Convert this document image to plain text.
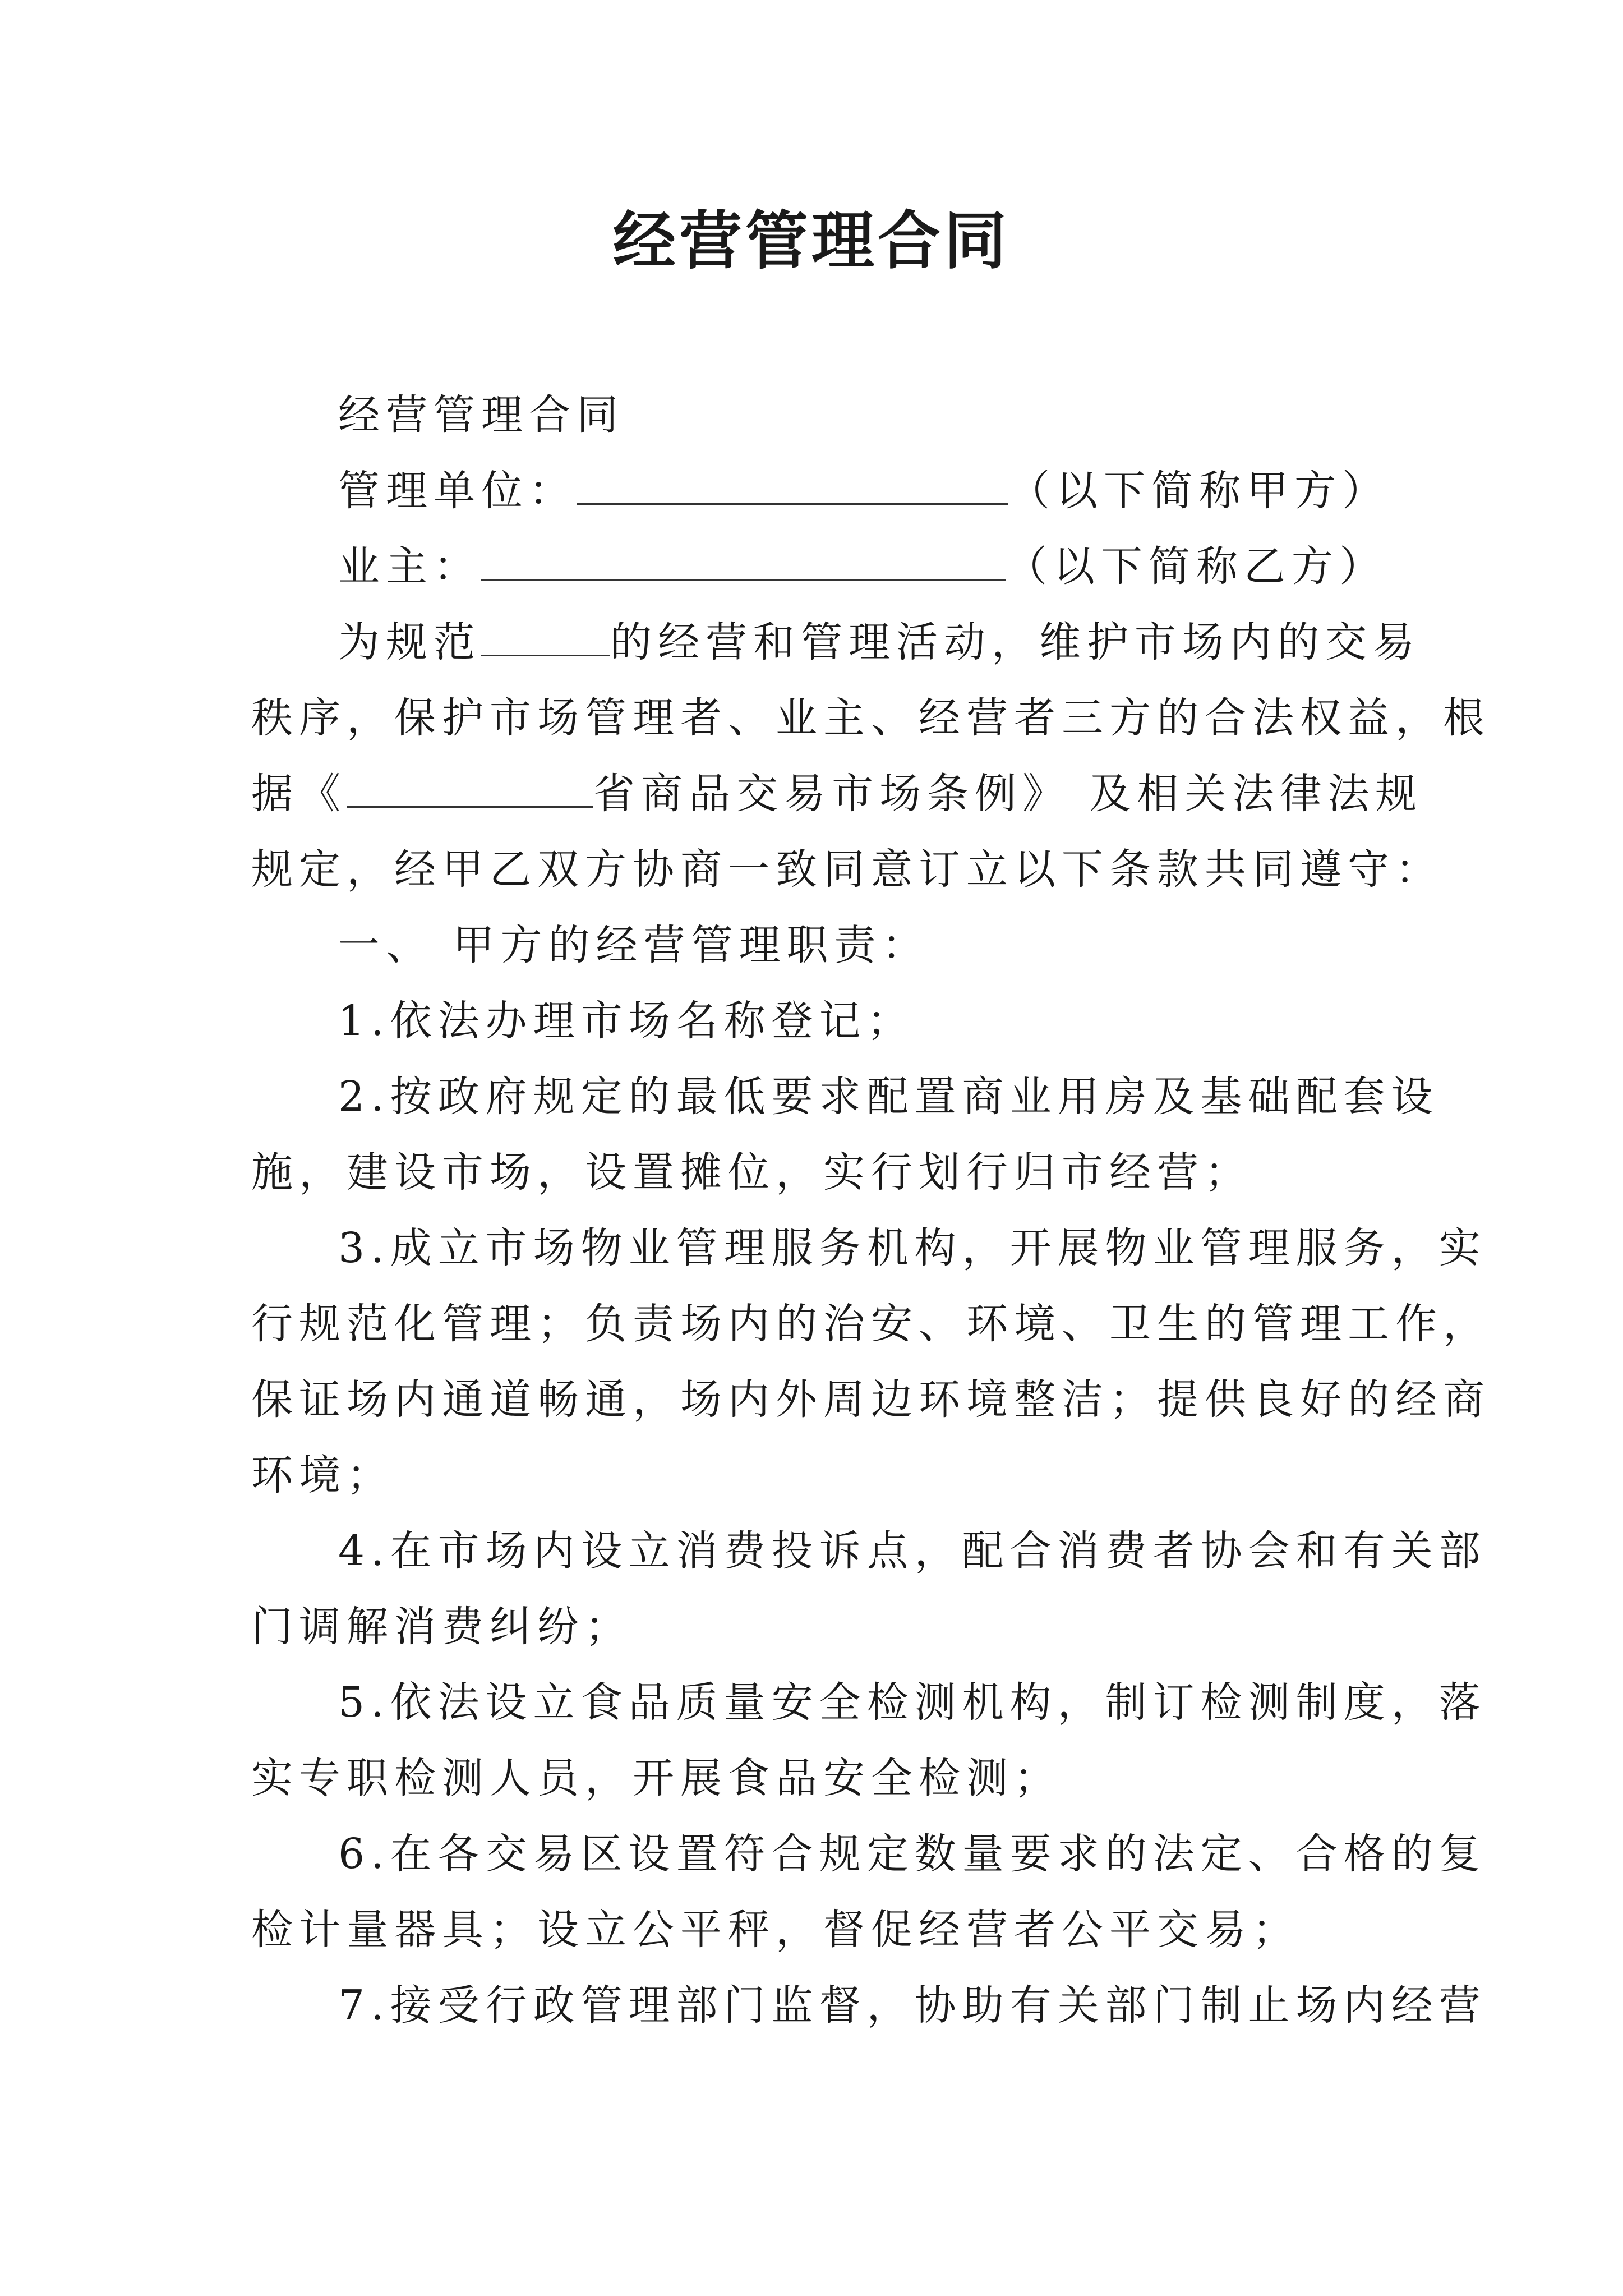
经营管理合同
经营管理合同
管理单位：	（以下简称甲方）
业主：	（以下简称乙方）
为规范	的经营和管理活动，维护市场内的交易
秩序，保护市场管理者、业主、经营者三方的合法权益，根
据《	省商品交易市场条例》 及相关法律法规
规定，经甲乙双方协商一致同意订立以下条款共同遵守：
一、 甲方的经营管理职责：
1.依法办理市场名称登记；
2.按政府规定的最低要求配置商业用房及基础配套设
施，建设市场，设置摊位，实行划行归市经营；
3.成立市场物业管理服务机构，开展物业管理服务，实
行规范化管理；负责场内的治安、环境、卫生的管理工作，
保证场内通道畅通，场内外周边环境整洁；提供良好的经商
环境；
4.在市场内设立消费投诉点，配合消费者协会和有关部
门调解消费纠纷；
5.依法设立食品质量安全检测机构，制订检测制度，落
实专职检测人员，开展食品安全检测；
6.在各交易区设置符合规定数量要求的法定、合格的复
检计量器具；设立公平秤，督促经营者公平交易；
7.接受行政管理部门监督，协助有关部门制止场内经营
